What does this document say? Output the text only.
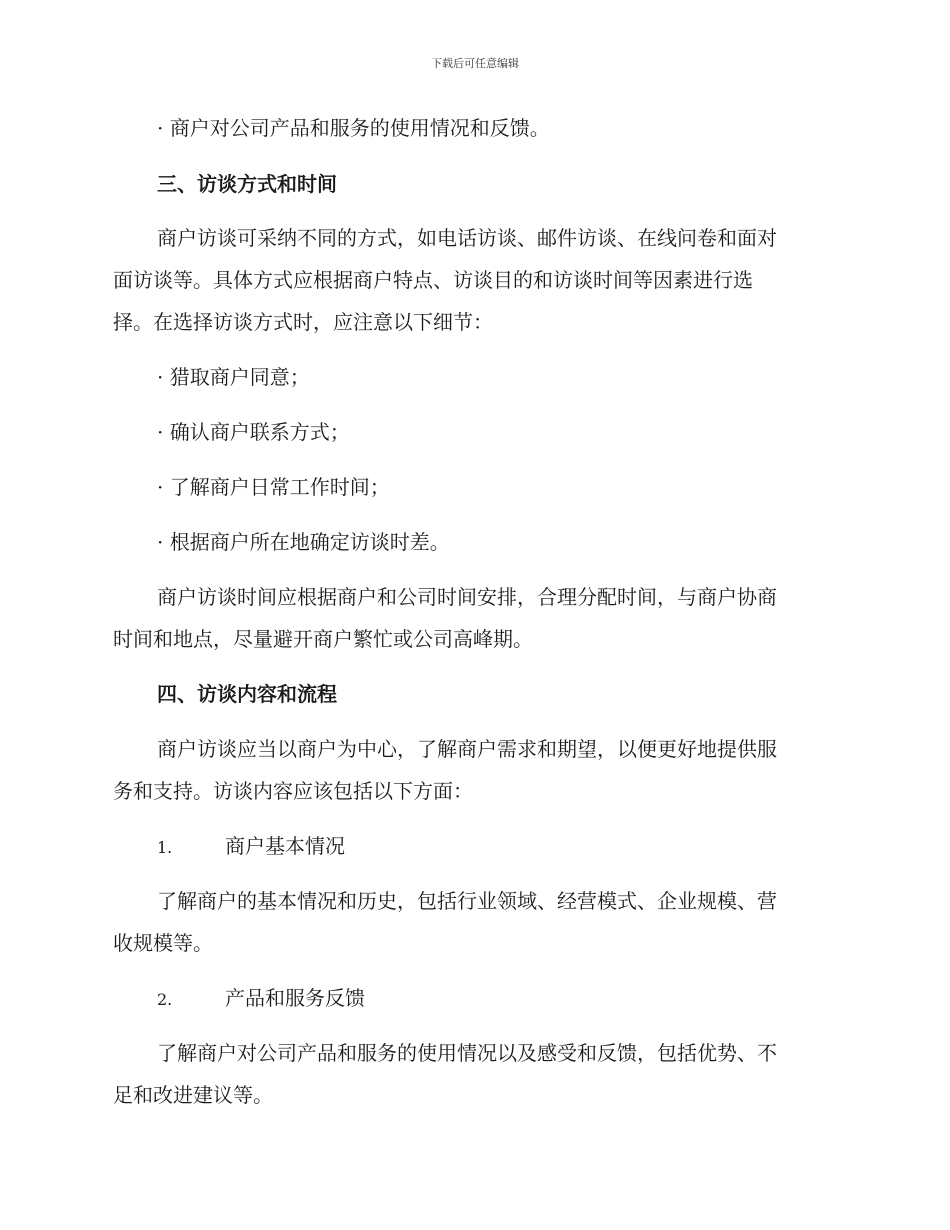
下载后可任意编辑
· 商户对公司产品和服务的使用情况和反馈。
三、访谈方式和时间
商户访谈可采纳不同的方式，如电话访谈、邮件访谈、在线问卷和面对
面访谈等。具体方式应根据商户特点、访谈目的和访谈时间等因素进行选
择。在选择访谈方式时，应注意以下细节：
· 猎取商户同意；
· 确认商户联系方式；
· 了解商户日常工作时间；
· 根据商户所在地确定访谈时差。
商户访谈时间应根据商户和公司时间安排，合理分配时间，与商户协商
时间和地点，尽量避开商户繁忙或公司高峰期。
四、访谈内容和流程
商户访谈应当以商户为中心，了解商户需求和期望，以便更好地提供服
务和支持。访谈内容应该包括以下方面：
1.	商户基本情况
了解商户的基本情况和历史，包括行业领域、经营模式、企业规模、营
收规模等。
2.	产品和服务反馈
了解商户对公司产品和服务的使用情况以及感受和反馈，包括优势、不
足和改进建议等。
